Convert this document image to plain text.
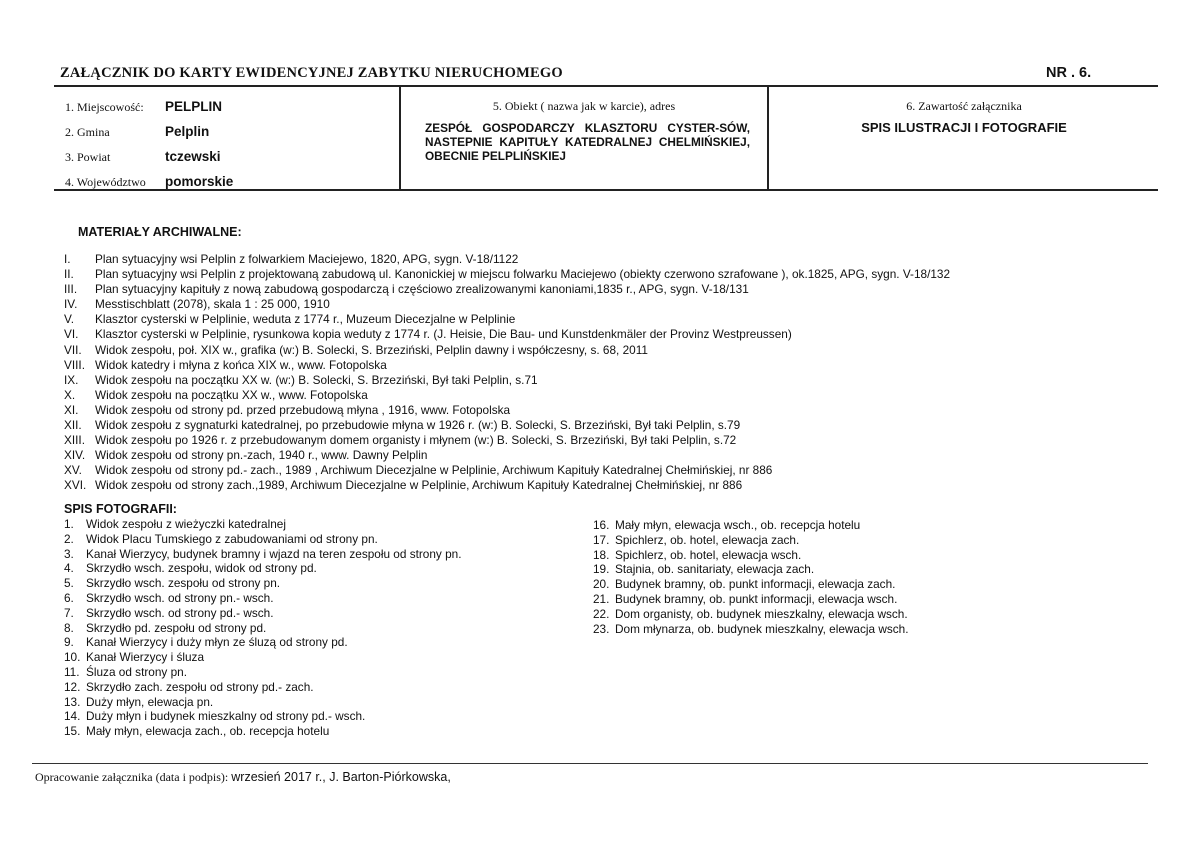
ZAŁĄCZNIK DO KARTY EWIDENCYJNEJ ZABYTKU NIERUCHOMEGO	NR . 6.
1. Miejscowość: PELPLIN
2. Gmina	Pelplin
3. Powiat	tczewski
4. Województwo pomorskie
5. Obiekt ( nazwa jak w karcie), adres
ZESPÓŁ GOSPODARCZY KLASZTORU CYSTER-SÓW, NASTEPNIE KAPITUŁY KATEDRALNEJ CHELMIŃSKIEJ, OBECNIE PELPLIŃSKIEJ
6. Zawartość załącznika
SPIS ILUSTRACJI I FOTOGRAFIE
MATERIAŁY ARCHIWALNE:
I. Plan sytuacyjny wsi Pelplin z folwarkiem Maciejewo, 1820, APG, sygn. V-18/1122
II. Plan sytuacyjny wsi Pelplin z projektowaną zabudową ul. Kanonickiej w miejscu folwarku Maciejewo (obiekty czerwono szrafowane ), ok.1825, APG, sygn. V-18/132
III. Plan sytuacyjny kapituły z nową zabudową gospodarczą i częściowo zrealizowanymi kanoniami,1835 r., APG, sygn. V-18/131
IV. Messtischblatt (2078), skala 1 : 25 000, 1910
V. Klasztor cysterski w Pelplinie, weduta z 1774 r., Muzeum Diecezjalne w Pelplinie
VI. Klasztor cysterski w Pelplinie, rysunkowa kopia weduty z 1774 r. (J. Heisie, Die Bau- und Kunstdenkmäler der Provinz Westpreussen)
VII. Widok zespołu, poł. XIX w., grafika (w:) B. Solecki, S. Brzeziński, Pelplin dawny i współczesny, s. 68, 2011
VIII. Widok katedry i młyna z końca XIX w., www. Fotopolska
IX. Widok zespołu na początku XX w. (w:) B. Solecki, S. Brzeziński, Był taki Pelplin, s.71
X. Widok zespołu na początku XX w., www. Fotopolska
XI. Widok zespołu od strony pd. przed przebudową młyna , 1916, www. Fotopolska
XII. Widok zespołu z sygnaturki katedralnej, po przebudowie młyna w 1926 r. (w:) B. Solecki, S. Brzeziński, Był taki Pelplin, s.79
XIII. Widok zespołu po 1926 r. z przebudowanym domem organisty i młynem (w:) B. Solecki, S. Brzeziński, Był taki Pelplin, s.72
XIV. Widok zespołu od strony pn.-zach, 1940 r., www. Dawny Pelplin
XV. Widok zespołu od strony pd.- zach., 1989 , Archiwum Diecezjalne w Pelplinie, Archiwum Kapituły Katedralnej Chełmińskiej, nr 886
XVI. Widok zespołu od strony zach.,1989, Archiwum Diecezjalne w Pelplinie, Archiwum Kapituły Katedralnej Chełmińskiej, nr 886
SPIS FOTOGRAFII:
1. Widok zespołu z wieżyczki katedralnej
2. Widok Placu Tumskiego z zabudowaniami od strony pn.
3. Kanał Wierzycy, budynek bramny i wjazd na teren zespołu od strony pn.
4. Skrzydło wsch. zespołu, widok od strony pd.
5. Skrzydło wsch. zespołu od strony pn.
6. Skrzydło wsch. od strony pn.- wsch.
7. Skrzydło wsch. od strony pd.- wsch.
8. Skrzydło pd. zespołu od strony pd.
9. Kanał Wierzycy i duży młyn ze śluzą od strony pd.
10. Kanał Wierzycy i śluza
11. Śluza od strony pn.
12. Skrzydło zach. zespołu od strony pd.- zach.
13. Duży młyn, elewacja pn.
14. Duży młyn i budynek mieszkalny od strony pd.- wsch.
15. Mały młyn, elewacja zach., ob. recepcja hotelu
16. Mały młyn, elewacja wsch., ob. recepcja hotelu
17. Spichlerz, ob. hotel, elewacja zach.
18. Spichlerz, ob. hotel, elewacja wsch.
19. Stajnia, ob. sanitariaty, elewacja zach.
20. Budynek bramny, ob. punkt informacji, elewacja zach.
21. Budynek bramny, ob. punkt informacji, elewacja wsch.
22. Dom organisty, ob. budynek mieszkalny, elewacja wsch.
23. Dom młynarza, ob. budynek mieszkalny, elewacja wsch.
Opracowanie załącznika (data i podpis): wrzesień 2017 r., J. Barton-Piórkowska,
